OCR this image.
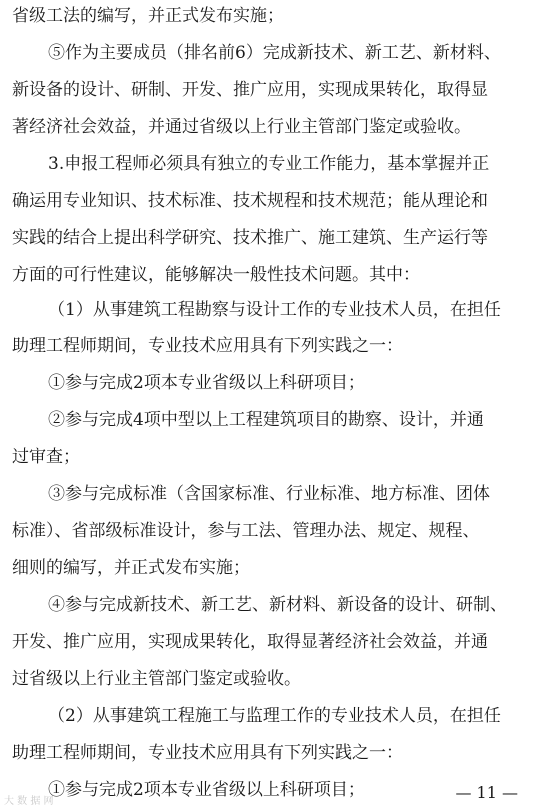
省级工法的编写，并正式发布实施；
⑤作为主要成员（排名前6）完成新技术、新工艺、新材料、
新设备的设计、研制、开发、推广应用，实现成果转化，取得显
著经济社会效益，并通过省级以上行业主管部门鉴定或验收。
3.申报工程师必须具有独立的专业工作能力，基本掌握并正
确运用专业知识、技术标准、技术规程和技术规范；能从理论和
实践的结合上提出科学研究、技术推广、施工建筑、生产运行等
方面的可行性建议，能够解决一般性技术问题。其中：
（1）从事建筑工程勘察与设计工作的专业技术人员，在担任
助理工程师期间，专业技术应用具有下列实践之一：
①参与完成2项本专业省级以上科研项目；
②参与完成4项中型以上工程建筑项目的勘察、设计，并通
过审查；
③参与完成标准（含国家标准、行业标准、地方标准、团体
标准）、省部级标准设计，参与工法、管理办法、规定、规程、
细则的编写，并正式发布实施；
④参与完成新技术、新工艺、新材料、新设备的设计、研制、
开发、推广应用，实现成果转化，取得显著经济社会效益，并通
过省级以上行业主管部门鉴定或验收。
（2）从事建筑工程施工与监理工作的专业技术人员，在担任
助理工程师期间，专业技术应用具有下列实践之一：
①参与完成2项本专业省级以上科研项目；	— 11 —
大 数 据 网
